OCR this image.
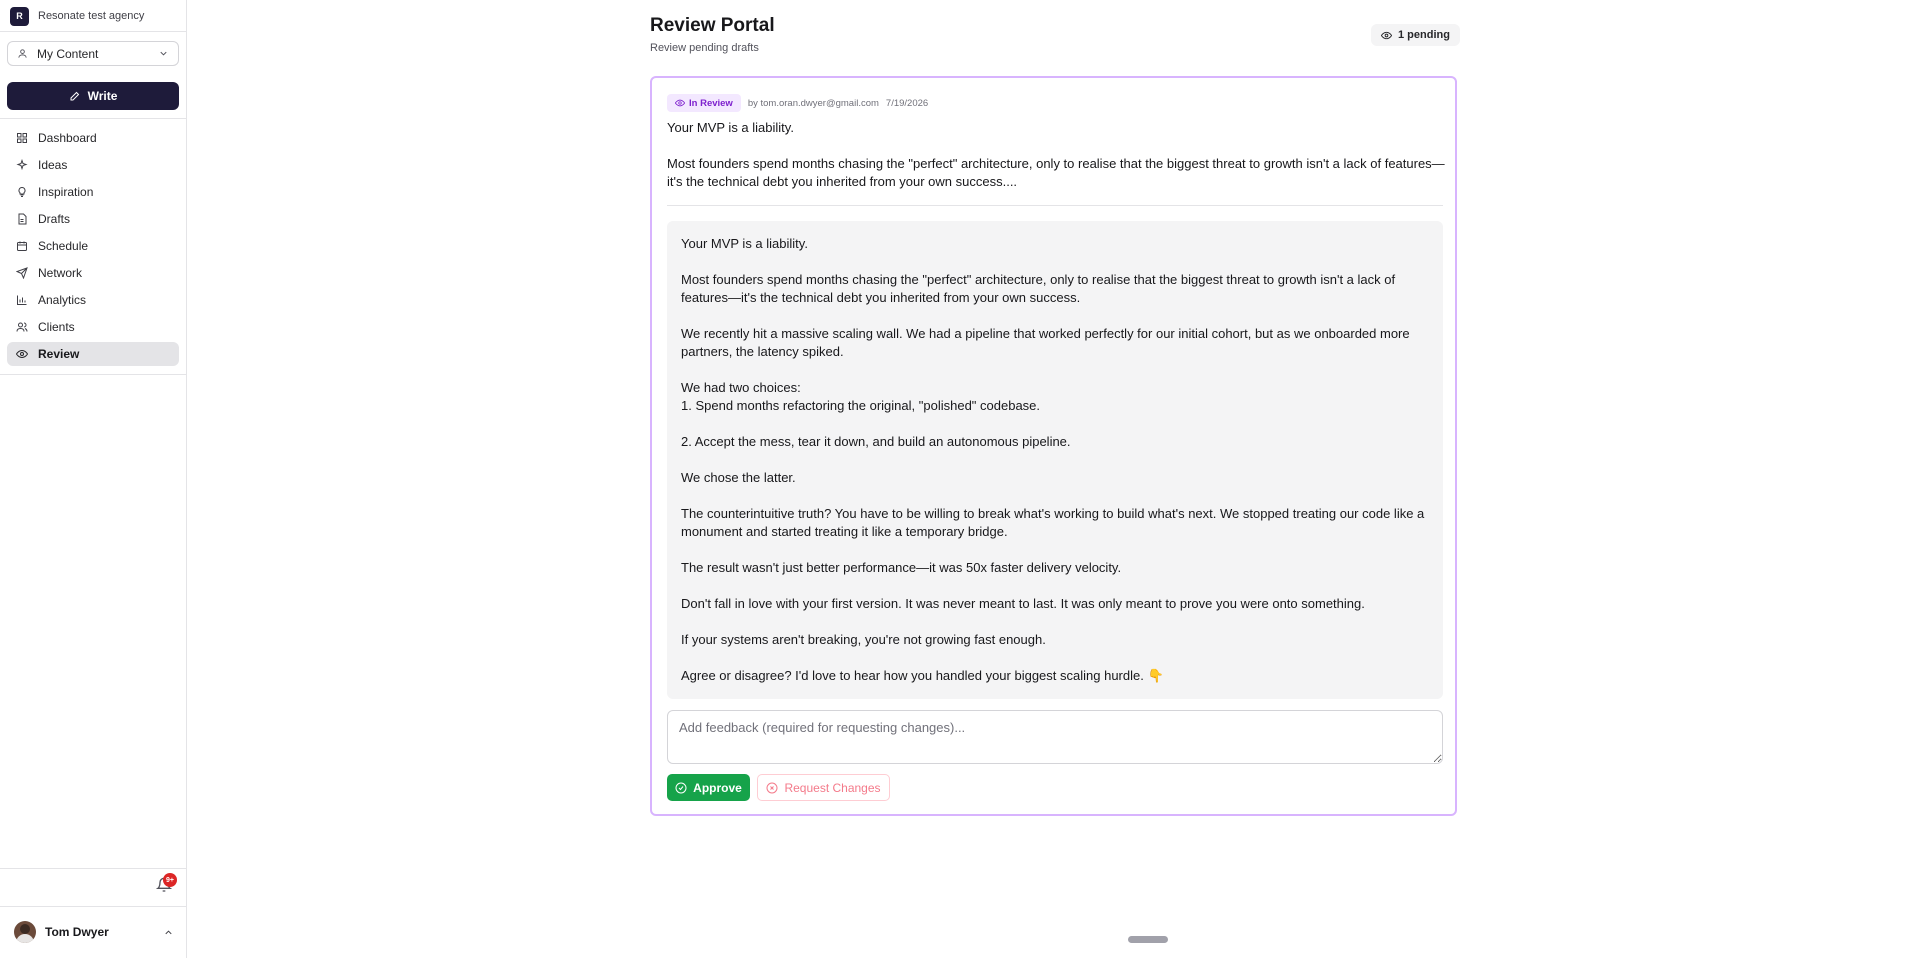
R	Resonate test agency
My Content
Write
Dashboard
Ideas
Inspiration
Drafts
Schedule
Network
Analytics
Clients
Review
9+
Tom Dwyer
Review Portal
Review pending drafts
1 pending
In Review by tom.oran.dwyer@gmail.com 7/19/2026

Your MVP is a liability.

Most founders spend months chasing the "perfect" architecture, only to realise that the biggest threat to growth isn't a lack of features—it's the technical debt you inherited from your own success....

Your MVP is a liability.

Most founders spend months chasing the "perfect" architecture, only to realise that the biggest threat to growth isn't a lack of features—it's the technical debt you inherited from your own success.

We recently hit a massive scaling wall. We had a pipeline that worked perfectly for our initial cohort, but as we onboarded more partners, the latency spiked.

We had two choices:

1. Spend months refactoring the original, "polished" codebase.

2. Accept the mess, tear it down, and build an autonomous pipeline.

We chose the latter.

The counterintuitive truth? You have to be willing to break what's working to build what's next. We stopped treating our code like a monument and started treating it like a temporary bridge.

The result wasn't just better performance—it was 50x faster delivery velocity.

Don't fall in love with your first version. It was never meant to last. It was only meant to prove you were onto something.

If your systems aren't breaking, you're not growing fast enough.

Agree or disagree? I'd love to hear how you handled your biggest scaling hurdle. 👇

Add feedback (required for requesting changes)...
Approve	Request Changes
